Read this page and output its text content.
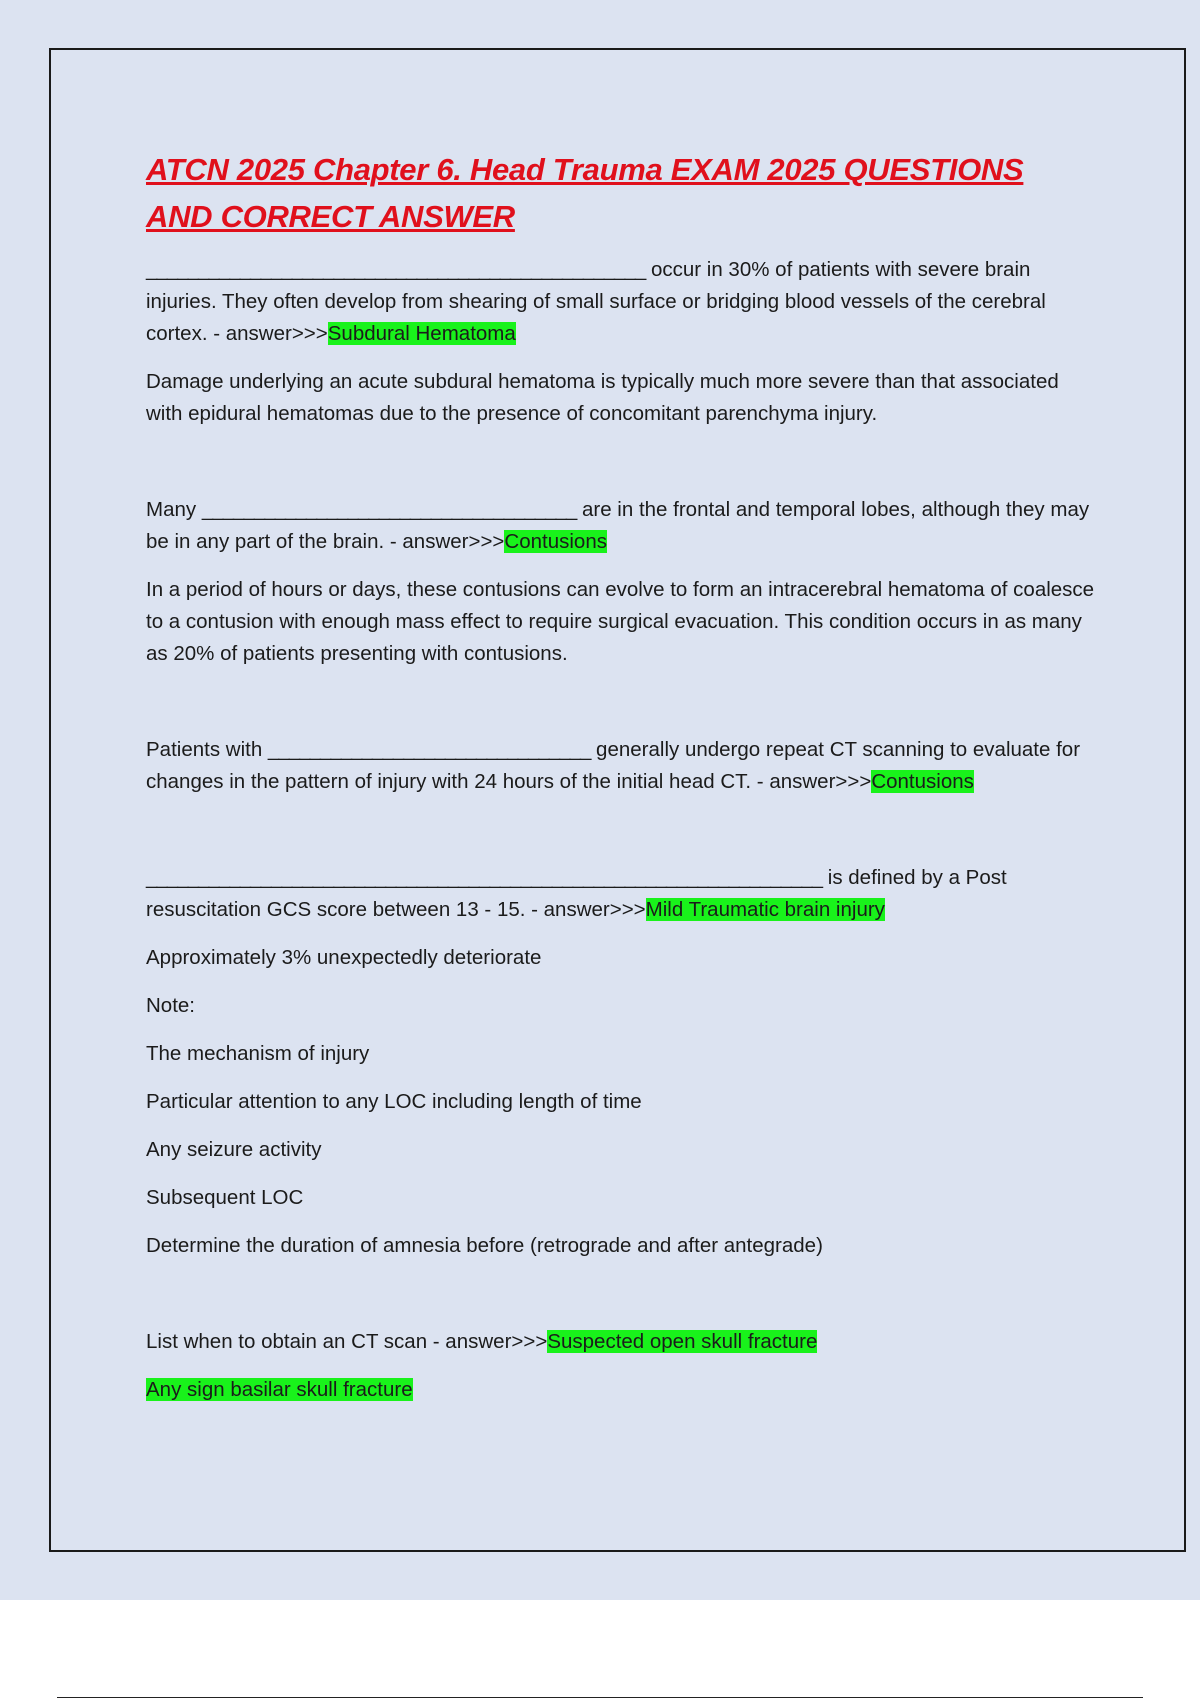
ATCN 2025 Chapter 6. Head Trauma EXAM 2025 QUESTIONS AND CORRECT ANSWER

________________________________________________ occur in 30% of patients with severe brain injuries. They often develop from shearing of small surface or bridging blood vessels of the cerebral cortex. - answer>>>Subdural Hematoma

Damage underlying an acute subdural hematoma is typically much more severe than that associated with epidural hematomas due to the presence of concomitant parenchyma injury.

Many ____________________________________ are in the frontal and temporal lobes, although they may be in any part of the brain. - answer>>>Contusions

In a period of hours or days, these contusions can evolve to form an intracerebral hematoma of coalesce to a contusion with enough mass effect to require surgical evacuation. This condition occurs in as many as 20% of patients presenting with contusions.

Patients with _______________________________ generally undergo repeat CT scanning to evaluate for changes in the pattern of injury with 24 hours of the initial head CT. - answer>>>Contusions

_________________________________________________________________ is defined by a Post resuscitation GCS score between 13 - 15. - answer>>>Mild Traumatic brain injury

Approximately 3% unexpectedly deteriorate

Note:

The mechanism of injury

Particular attention to any LOC including length of time

Any seizure activity

Subsequent LOC

Determine the duration of amnesia before (retrograde and after antegrade)

List when to obtain an CT scan - answer>>>Suspected open skull fracture

Any sign basilar skull fracture
